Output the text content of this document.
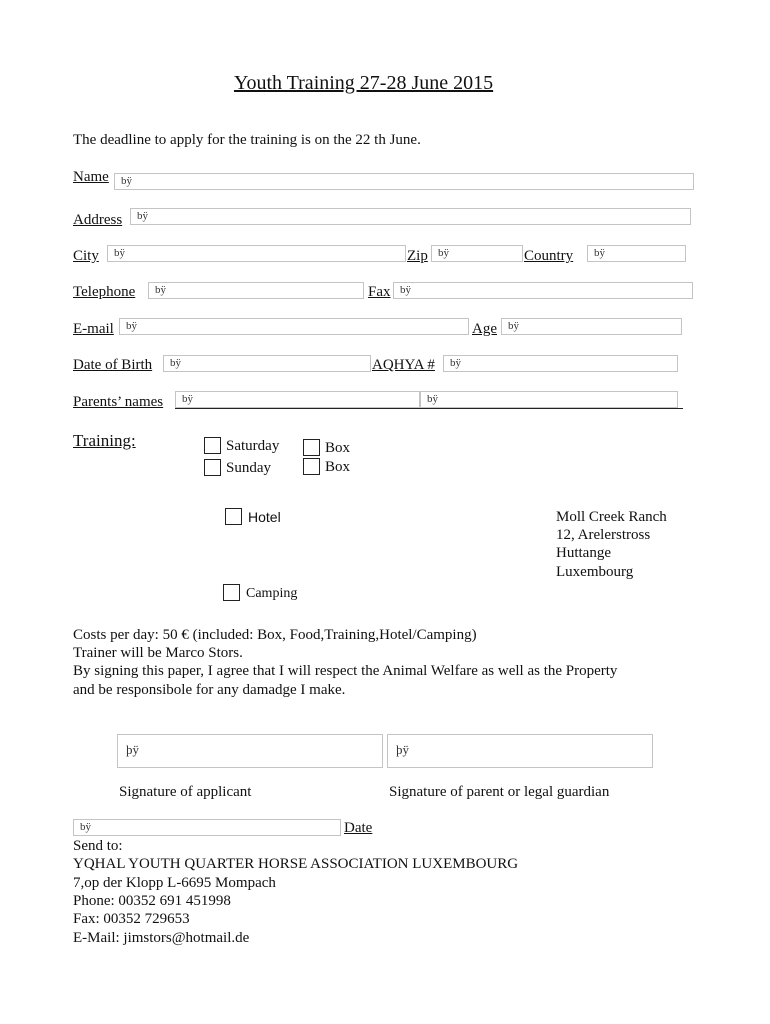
Youth Training 27-28 June 2015
The deadline to apply for the training is on the 22 th June.
Name	bÿ
Address	bÿ
City	bÿ	Zip bÿ	Country	bÿ
Telephone	bÿ	Fax bÿ
E-mail	bÿ	Age	bÿ
Date of Birth	bÿ	AQHYA #	bÿ
Parents’ names	bÿ	bÿ
Training:	Saturday
Sunday
Box
Box
Hotel
Camping
Moll Creek Ranch
12, Arelerstross
Huttange
Luxembourg
Costs per day: 50 € (included: Box, Food,Training,Hotel/Camping)
Trainer will be Marco Stors.
By signing this paper, I agree that I will respect the Animal Welfare as well as the Property
and be responsibole for any damadge I make.
þÿ	þÿ
Signature of applicant	Signature of parent or legal guardian
bÿ	Date
Send to:
YQHAL YOUTH QUARTER HORSE ASSOCIATION LUXEMBOURG
7,op der Klopp L-6695 Mompach
Phone: 00352 691 451998
Fax: 00352 729653
E-Mail: jimstors@hotmail.de
